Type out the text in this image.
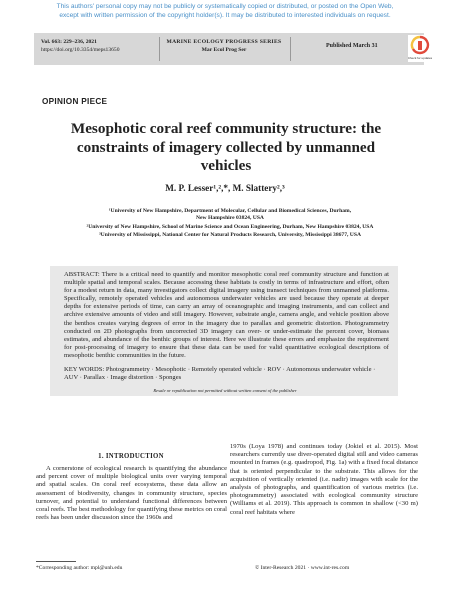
This authors' personal copy may not be publicly or systematically copied or distributed, or posted on the Open Web,
except with written permission of the copyright holder(s). It may be distributed to interested individuals on request.
Vol. 663: 229–236, 2021
https://doi.org/10.3354/meps13650
MARINE ECOLOGY PROGRESS SERIES
Mar Ecol Prog Ser
Published March 31
Check for updates
OPINION PIECE
Mesophotic coral reef community structure: the constraints of imagery collected by unmanned vehicles
M. P. Lesser¹,²,*, M. Slattery²,³
¹University of New Hampshire, Department of Molecular, Cellular and Biomedical Sciences, Durham,
New Hampshire 03824, USA
²University of New Hampshire, School of Marine Science and Ocean Engineering, Durham, New Hampshire 03824, USA
³University of Mississippi, National Center for Natural Products Research, University, Mississippi 38677, USA
ABSTRACT: There is a critical need to quantify and monitor mesophotic coral reef community structure and function at multiple spatial and temporal scales. Because accessing these habitats is costly in terms of infrastructure and effort, often for a modest return in data, many investigators collect digital imagery using transect techniques from unmanned platforms. Specifically, remotely operated vehicles and autonomous underwater vehicles are used because they operate at deeper depths for extensive periods of time, can carry an array of oceanographic and imaging instruments, and can collect and archive extensive amounts of video and still imagery. However, substrate angle, camera angle, and vehicle position above the benthos creates varying degrees of error in the imagery due to parallax and geometric distortion. Photogrammetry conducted on 2D photographs from uncorrected 3D imagery can over- or under-estimate the percent cover, biomass estimates, and abundance of the benthic groups of interest. Here we illustrate these errors and emphasize the requirement for post-processing of imagery to ensure that these data can be used for valid quantitative ecological descriptions of mesophotic benthic communities in the future.
KEY WORDS: Photogrammetry · Mesophotic · Remotely operated vehicle · ROV · Autonomous underwater vehicle · AUV · Parallax · Image distortion · Sponges
Resale or republication not permitted without written consent of the publisher
1. INTRODUCTION
A cornerstone of ecological research is quantifying the abundance and percent cover of multiple biological units over varying temporal and spatial scales. On coral reef ecosystems, these data allow an assessment of biodiversity, changes in community structure, species turnover, and potential to understand functional differences between coral reefs. The best methodology for quantifying these metrics on coral reefs has been under discussion since the 1960s and
1970s (Loya 1978) and continues today (Jokiel et al. 2015). Most researchers currently use diver-operated digital still and video cameras mounted in frames (e.g. quadropod, Fig. 1a) with a fixed focal distance that is oriented perpendicular to the substrate. This allows for the acquisition of vertically oriented (i.e. nadir) images with scale for the analysis of photographs, and quantification of various metrics (i.e. photogrammetry) associated with ecological community structure (Williams et al. 2019). This approach is common in shallow (<30 m) coral reef habitats where
*Corresponding author: mpl@unh.edu	© Inter-Research 2021 · www.int-res.com
